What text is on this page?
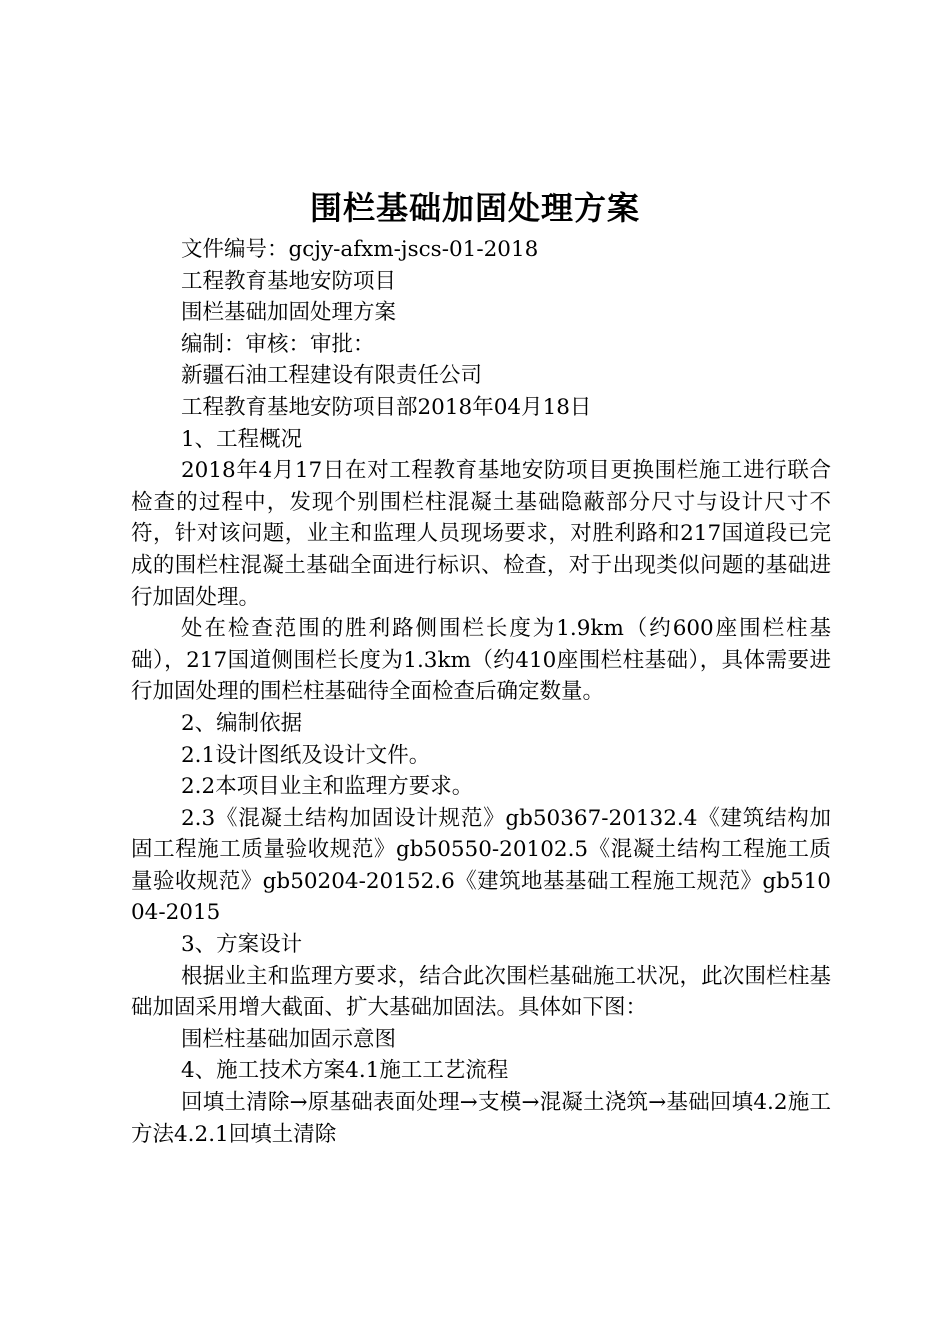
围栏基础加固处理方案

文件编号：gcjy-afxm-jscs-01-2018

工程教育基地安防项目

围栏基础加固处理方案

编制：审核：审批：

新疆石油工程建设有限责任公司

工程教育基地安防项目部2018年04月18日

1、工程概况

2018年4月17日在对工程教育基地安防项目更换围栏施工进行联合检查的过程中，发现个别围栏柱混凝土基础隐蔽部分尺寸与设计尺寸不符，针对该问题，业主和监理人员现场要求，对胜利路和217国道段已完成的围栏柱混凝土基础全面进行标识、检查，对于出现类似问题的基础进行加固处理。

处在检查范围的胜利路侧围栏长度为1.9km（约600座围栏柱基础），217国道侧围栏长度为1.3km（约410座围栏柱基础），具体需要进行加固处理的围栏柱基础待全面检查后确定数量。

2、编制依据

2.1设计图纸及设计文件。

2.2本项目业主和监理方要求。

2.3《混凝土结构加固设计规范》gb50367-20132.4《建筑结构加固工程施工质量验收规范》gb50550-20102.5《混凝土结构工程施工质量验收规范》gb50204-20152.6《建筑地基基础工程施工规范》gb51004-2015

3、方案设计

根据业主和监理方要求，结合此次围栏基础施工状况，此次围栏柱基础加固采用增大截面、扩大基础加固法。具体如下图：

围栏柱基础加固示意图

4、施工技术方案4.1施工工艺流程

回填土清除→原基础表面处理→支模→混凝土浇筑→基础回填4.2施工方法4.2.1回填土清除
